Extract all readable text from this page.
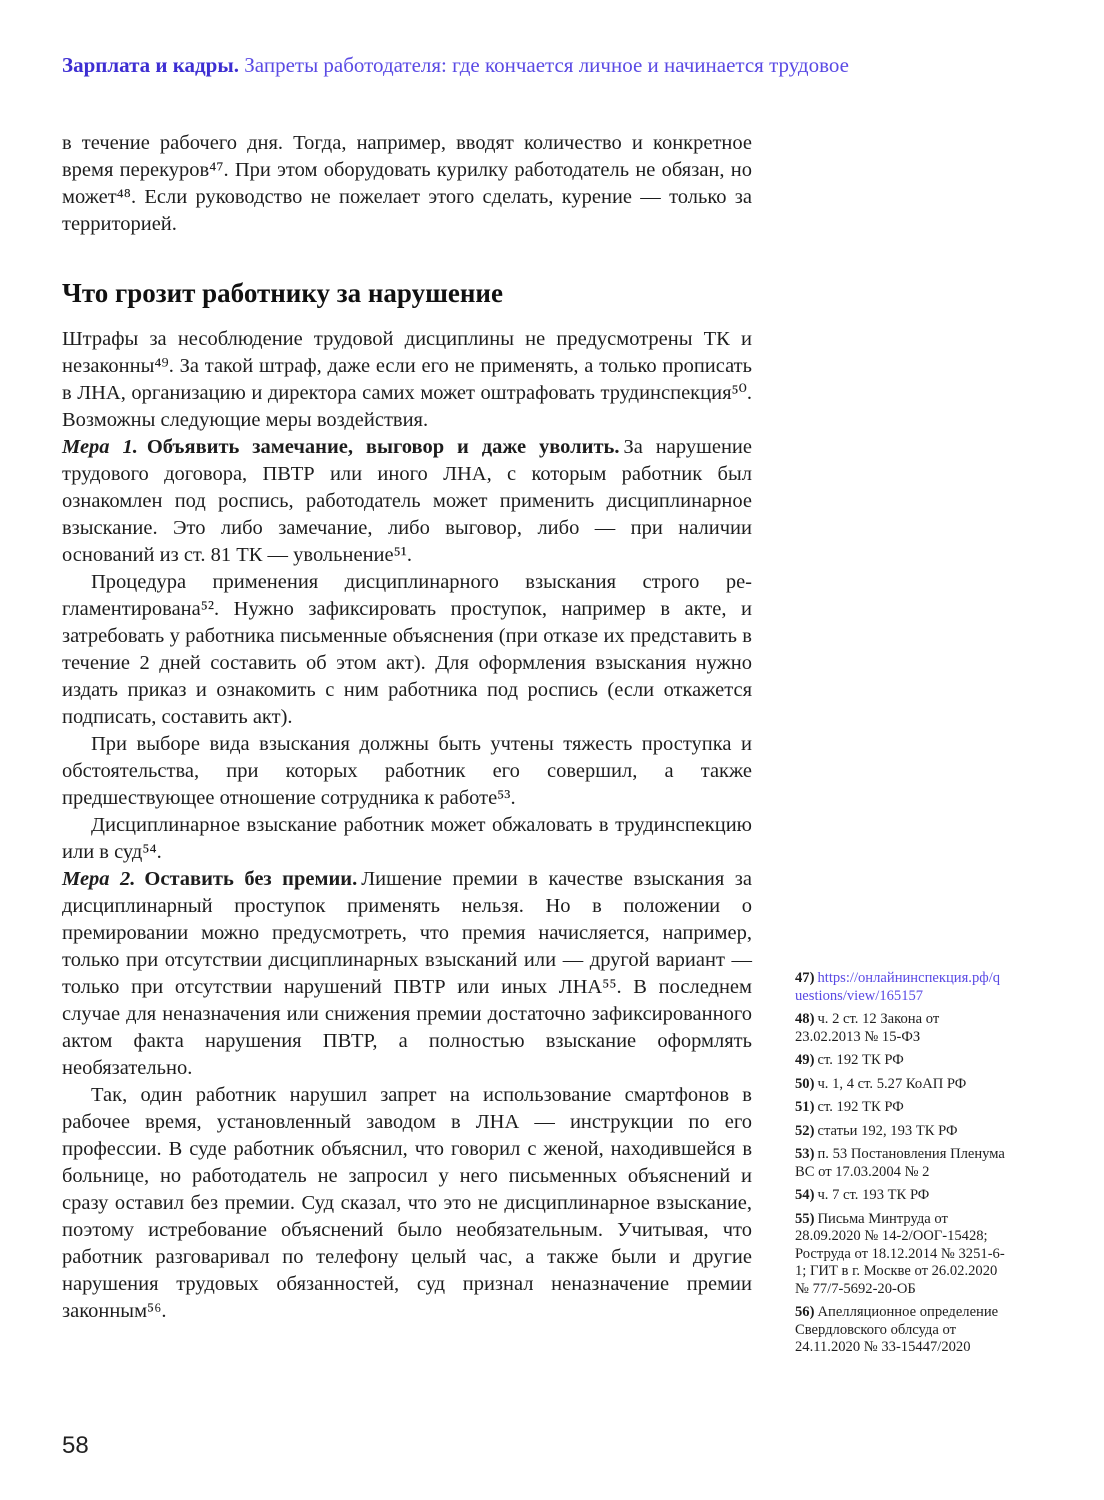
Зарплата и кадры. Запреты работодателя: где кончается личное и начинается трудовое

в течение рабочего дня. Тогда, например, вводят количество и конкретное время перекуров⁴⁷. При этом оборудовать курилку работодатель не обязан, но может⁴⁸. Если руководство не пожелает этого сделать, курение — только за территорией.

Что грозит работнику за нарушение

Штрафы за несоблюдение трудовой дисциплины не предусмотрены ТК и незаконны⁴⁹. За такой штраф, даже если его не применять, а только прописать в ЛНА, организацию и директора самих может оштрафовать трудинспекция⁵⁰. Возможны следующие меры воздействия.

Мера 1. Объявить замечание, выговор и даже уволить. За нарушение трудового договора, ПВТР или иного ЛНА, с которым работник был ознакомлен под роспись, работодатель может применить дисциплинарное взыскание. Это либо замечание, либо выговор, либо — при наличии оснований из ст. 81 ТК — увольнение⁵¹.

Процедура применения дисциплинарного взыскания строго регламентирована⁵². Нужно зафиксировать проступок, например в акте, и затребовать у работника письменные объяснения (при отказе их представить в течение 2 дней составить об этом акт). Для оформления взыскания нужно издать приказ и ознакомить с ним работника под роспись (если откажется подписать, составить акт).

При выборе вида взыскания должны быть учтены тяжесть проступка и обстоятельства, при которых работник его совершил, а также предшествующее отношение сотрудника к работе⁵³.

Дисциплинарное взыскание работник может обжаловать в трудинспекцию или в суд⁵⁴.

Мера 2. Оставить без премии. Лишение премии в качестве взыскания за дисциплинарный проступок применять нельзя. Но в положении о премировании можно предусмотреть, что премия начисляется, например, только при отсутствии дисциплинарных взысканий или — другой вариант — только при отсутствии нарушений ПВТР или иных ЛНА⁵⁵. В последнем случае для неназначения или снижения премии достаточно зафиксированного актом факта нарушения ПВТР, а полностью взыскание оформлять необязательно.

Так, один работник нарушил запрет на использование смартфонов в рабочее время, установленный заводом в ЛНА — инструкции по его профессии. В суде работник объяснил, что говорил с женой, находившейся в больнице, но работодатель не запросил у него письменных объяснений и сразу оставил без премии. Суд сказал, что это не дисциплинарное взыскание, поэтому истребование объяснений было необязательным. Учитывая, что работник разговаривал по телефону целый час, а также были и другие нарушения трудовых обязанностей, суд признал неназначение премии законным⁵⁶.

47) https://онлайнинспекция.рф/questions/view/165157
48) ч. 2 ст. 12 Закона от 23.02.2013 № 15-ФЗ
49) ст. 192 ТК РФ
50) ч. 1, 4 ст. 5.27 КоАП РФ
51) ст. 192 ТК РФ
52) статьи 192, 193 ТК РФ
53) п. 53 Постановления Пленума ВС от 17.03.2004 № 2
54) ч. 7 ст. 193 ТК РФ
55) Письма Минтруда от 28.09.2020 № 14-2/ООГ-15428; Роструда от 18.12.2014 № 3251-6-1; ГИТ в г. Москве от 26.02.2020 № 77/7-5692-20-ОБ
56) Апелляционное определение Свердловского облсуда от 24.11.2020 № 33-15447/2020
58
